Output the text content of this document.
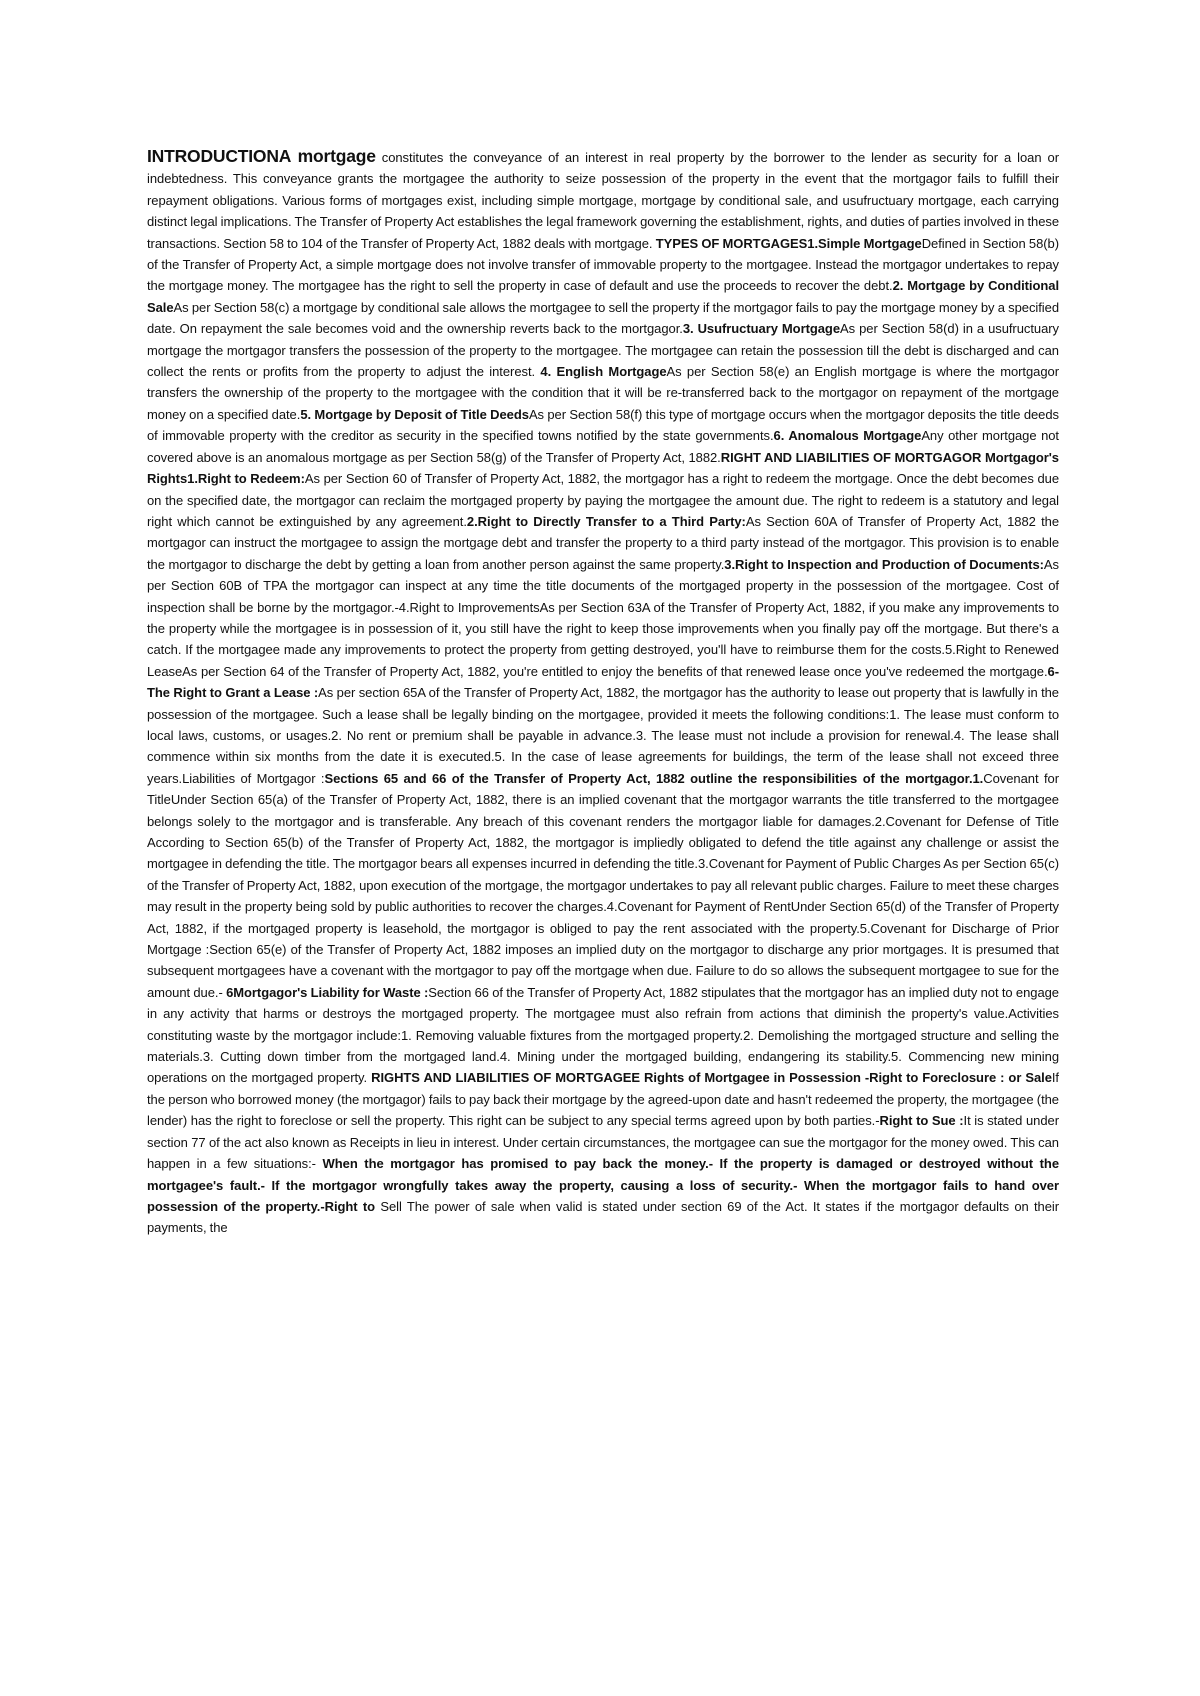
INTRODUCTIONA mortgage constitutes the conveyance of an interest in real property by the borrower to the lender as security for a loan or indebtedness. This conveyance grants the mortgagee the authority to seize possession of the property in the event that the mortgagor fails to fulfill their repayment obligations. Various forms of mortgages exist, including simple mortgage, mortgage by conditional sale, and usufructuary mortgage, each carrying distinct legal implications. The Transfer of Property Act establishes the legal framework governing the establishment, rights, and duties of parties involved in these transactions. Section 58 to 104 of the Transfer of Property Act, 1882 deals with mortgage. TYPES OF MORTGAGES1.Simple MortgageDefined in Section 58(b) of the Transfer of Property Act, a simple mortgage does not involve transfer of immovable property to the mortgagee. Instead the mortgagor undertakes to repay the mortgage money. The mortgagee has the right to sell the property in case of default and use the proceeds to recover the debt.2. Mortgage by Conditional SaleAs per Section 58(c) a mortgage by conditional sale allows the mortgagee to sell the property if the mortgagor fails to pay the mortgage money by a specified date. On repayment the sale becomes void and the ownership reverts back to the mortgagor.3. Usufructuary MortgageAs per Section 58(d) in a usufructuary mortgage the mortgagor transfers the possession of the property to the mortgagee. The mortgagee can retain the possession till the debt is discharged and can collect the rents or profits from the property to adjust the interest. 4. English MortgageAs per Section 58(e) an English mortgage is where the mortgagor transfers the ownership of the property to the mortgagee with the condition that it will be re-transferred back to the mortgagor on repayment of the mortgage money on a specified date.5. Mortgage by Deposit of Title DeedsAs per Section 58(f) this type of mortgage occurs when the mortgagor deposits the title deeds of immovable property with the creditor as security in the specified towns notified by the state governments.6. Anomalous MortgageAny other mortgage not covered above is an anomalous mortgage as per Section 58(g) of the Transfer of Property Act, 1882.RIGHT AND LIABILITIES OF MORTGAGOR Mortgagor's Rights1.Right to Redeem:As per Section 60 of Transfer of Property Act, 1882, the mortgagor has a right to redeem the mortgage. Once the debt becomes due on the specified date, the mortgagor can reclaim the mortgaged property by paying the mortgagee the amount due. The right to redeem is a statutory and legal right which cannot be extinguished by any agreement.2.Right to Directly Transfer to a Third Party:As Section 60A of Transfer of Property Act, 1882 the mortgagor can instruct the mortgagee to assign the mortgage debt and transfer the property to a third party instead of the mortgagor. This provision is to enable the mortgagor to discharge the debt by getting a loan from another person against the same property.3.Right to Inspection and Production of Documents:As per Section 60B of TPA the mortgagor can inspect at any time the title documents of the mortgaged property in the possession of the mortgagee. Cost of inspection shall be borne by the mortgagor.-4.Right to ImprovementsAs per Section 63A of the Transfer of Property Act, 1882, if you make any improvements to the property while the mortgagee is in possession of it, you still have the right to keep those improvements when you finally pay off the mortgage. But there's a catch. If the mortgagee made any improvements to protect the property from getting destroyed, you'll have to reimburse them for the costs.5.Right to Renewed LeaseAs per Section 64 of the Transfer of Property Act, 1882, you're entitled to enjoy the benefits of that renewed lease once you've redeemed the mortgage.6-The Right to Grant a Lease :As per section 65A of the Transfer of Property Act, 1882, the mortgagor has the authority to lease out property that is lawfully in the possession of the mortgagee. Such a lease shall be legally binding on the mortgagee, provided it meets the following conditions:1. The lease must conform to local laws, customs, or usages.2. No rent or premium shall be payable in advance.3. The lease must not include a provision for renewal.4. The lease shall commence within six months from the date it is executed.5. In the case of lease agreements for buildings, the term of the lease shall not exceed three years.Liabilities of Mortgagor :Sections 65 and 66 of the Transfer of Property Act, 1882 outline the responsibilities of the mortgagor.1.Covenant for TitleUnder Section 65(a) of the Transfer of Property Act, 1882, there is an implied covenant that the mortgagor warrants the title transferred to the mortgagee belongs solely to the mortgagor and is transferable. Any breach of this covenant renders the mortgagor liable for damages.2.Covenant for Defense of Title According to Section 65(b) of the Transfer of Property Act, 1882, the mortgagor is impliedly obligated to defend the title against any challenge or assist the mortgagee in defending the title. The mortgagor bears all expenses incurred in defending the title.3.Covenant for Payment of Public Charges As per Section 65(c) of the Transfer of Property Act, 1882, upon execution of the mortgage, the mortgagor undertakes to pay all relevant public charges. Failure to meet these charges may result in the property being sold by public authorities to recover the charges.4.Covenant for Payment of RentUnder Section 65(d) of the Transfer of Property Act, 1882, if the mortgaged property is leasehold, the mortgagor is obliged to pay the rent associated with the property.5.Covenant for Discharge of Prior Mortgage :Section 65(e) of the Transfer of Property Act, 1882 imposes an implied duty on the mortgagor to discharge any prior mortgages. It is presumed that subsequent mortgagees have a covenant with the mortgagor to pay off the mortgage when due. Failure to do so allows the subsequent mortgagee to sue for the amount due.- 6Mortgagor's Liability for Waste :Section 66 of the Transfer of Property Act, 1882 stipulates that the mortgagor has an implied duty not to engage in any activity that harms or destroys the mortgaged property. The mortgagee must also refrain from actions that diminish the property's value.Activities constituting waste by the mortgagor include:1. Removing valuable fixtures from the mortgaged property.2. Demolishing the mortgaged structure and selling the materials.3. Cutting down timber from the mortgaged land.4. Mining under the mortgaged building, endangering its stability.5. Commencing new mining operations on the mortgaged property. RIGHTS AND LIABILITIES OF MORTGAGEE Rights of Mortgagee in Possession -Right to Foreclosure : or SaleIf the person who borrowed money (the mortgagor) fails to pay back their mortgage by the agreed-upon date and hasn't redeemed the property, the mortgagee (the lender) has the right to foreclose or sell the property. This right can be subject to any special terms agreed upon by both parties.-Right to Sue :It is stated under section 77 of the act also known as Receipts in lieu in interest. Under certain circumstances, the mortgagee can sue the mortgagor for the money owed. This can happen in a few situations:- When the mortgagor has promised to pay back the money.- If the property is damaged or destroyed without the mortgagee's fault.- If the mortgagor wrongfully takes away the property, causing a loss of security.- When the mortgagor fails to hand over possession of the property.-Right to Sell The power of sale when valid is stated under section 69 of the Act. It states if the mortgagor defaults on their payments, the
